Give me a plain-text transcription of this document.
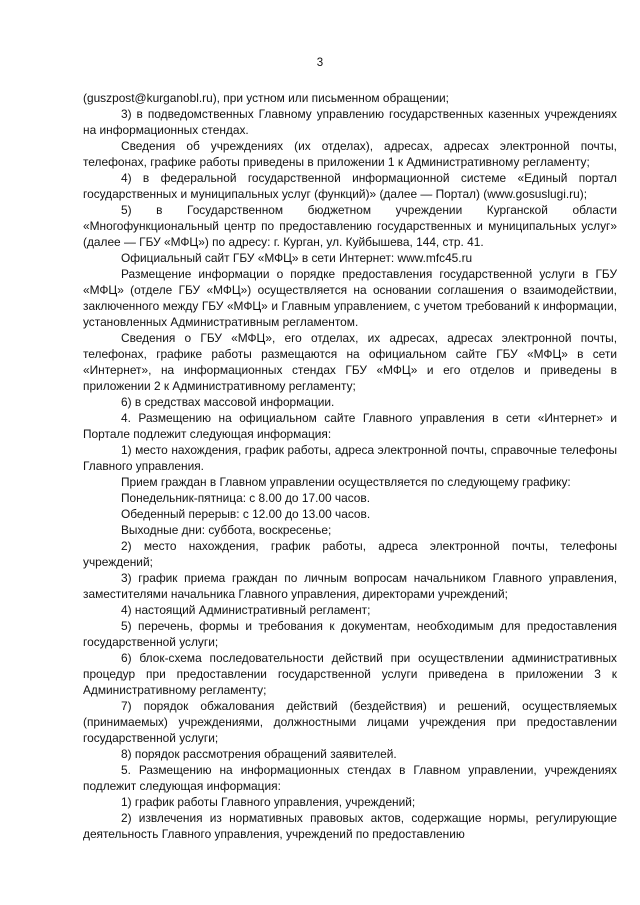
3

(guszpost@kurganobl.ru), при устном или письменном обращении;

3) в подведомственных Главному управлению государственных казенных учреждениях на информационных стендах.

Сведения об учреждениях (их отделах), адресах, адресах электронной почты, телефонах, графике работы приведены в приложении 1 к Административному регламенту;

4) в федеральной государственной информационной системе «Единый портал государственных и муниципальных услуг (функций)» (далее — Портал) (www.gosuslugi.ru);

5) в Государственном бюджетном учреждении Курганской области «Многофункциональный центр по предоставлению государственных и муниципальных услуг» (далее — ГБУ «МФЦ») по адресу: г. Курган, ул. Куйбышева, 144, стр. 41.

Официальный сайт ГБУ «МФЦ» в сети Интернет: www.mfc45.ru

Размещение информации о порядке предоставления государственной услуги в ГБУ «МФЦ» (отделе ГБУ «МФЦ») осуществляется на основании соглашения о взаимодействии, заключенного между ГБУ «МФЦ» и Главным управлением, с учетом требований к информации, установленных Административным регламентом.

Сведения о ГБУ «МФЦ», его отделах, их адресах, адресах электронной почты, телефонах, графике работы размещаются на официальном сайте ГБУ «МФЦ» в сети «Интернет», на информационных стендах ГБУ «МФЦ» и его отделов и приведены в приложении 2 к Административному регламенту;

6) в средствах массовой информации.

4. Размещению на официальном сайте Главного управления в сети «Интернет» и Портале подлежит следующая информация:

1) место нахождения, график работы, адреса электронной почты, справочные телефоны Главного управления.

Прием граждан в Главном управлении осуществляется по следующему графику:

Понедельник-пятница: с 8.00 до 17.00 часов.

Обеденный перерыв: с 12.00 до 13.00 часов.

Выходные дни: суббота, воскресенье;

2) место нахождения, график работы, адреса электронной почты, телефоны учреждений;

3) график приема граждан по личным вопросам начальником Главного управления, заместителями начальника Главного управления, директорами учреждений;

4) настоящий Административный регламент;

5) перечень, формы и требования к документам, необходимым для предоставления государственной услуги;

6) блок-схема последовательности действий при осуществлении административных процедур при предоставлении государственной услуги приведена в приложении 3 к Административному регламенту;

7) порядок обжалования действий (бездействия) и решений, осуществляемых (принимаемых) учреждениями, должностными лицами учреждения при предоставлении государственной услуги;

8) порядок рассмотрения обращений заявителей.

5. Размещению на информационных стендах в Главном управлении, учреждениях подлежит следующая информация:

1) график работы Главного управления, учреждений;

2) извлечения из нормативных правовых актов, содержащие нормы, регулирующие деятельность Главного управления, учреждений по предоставлению
